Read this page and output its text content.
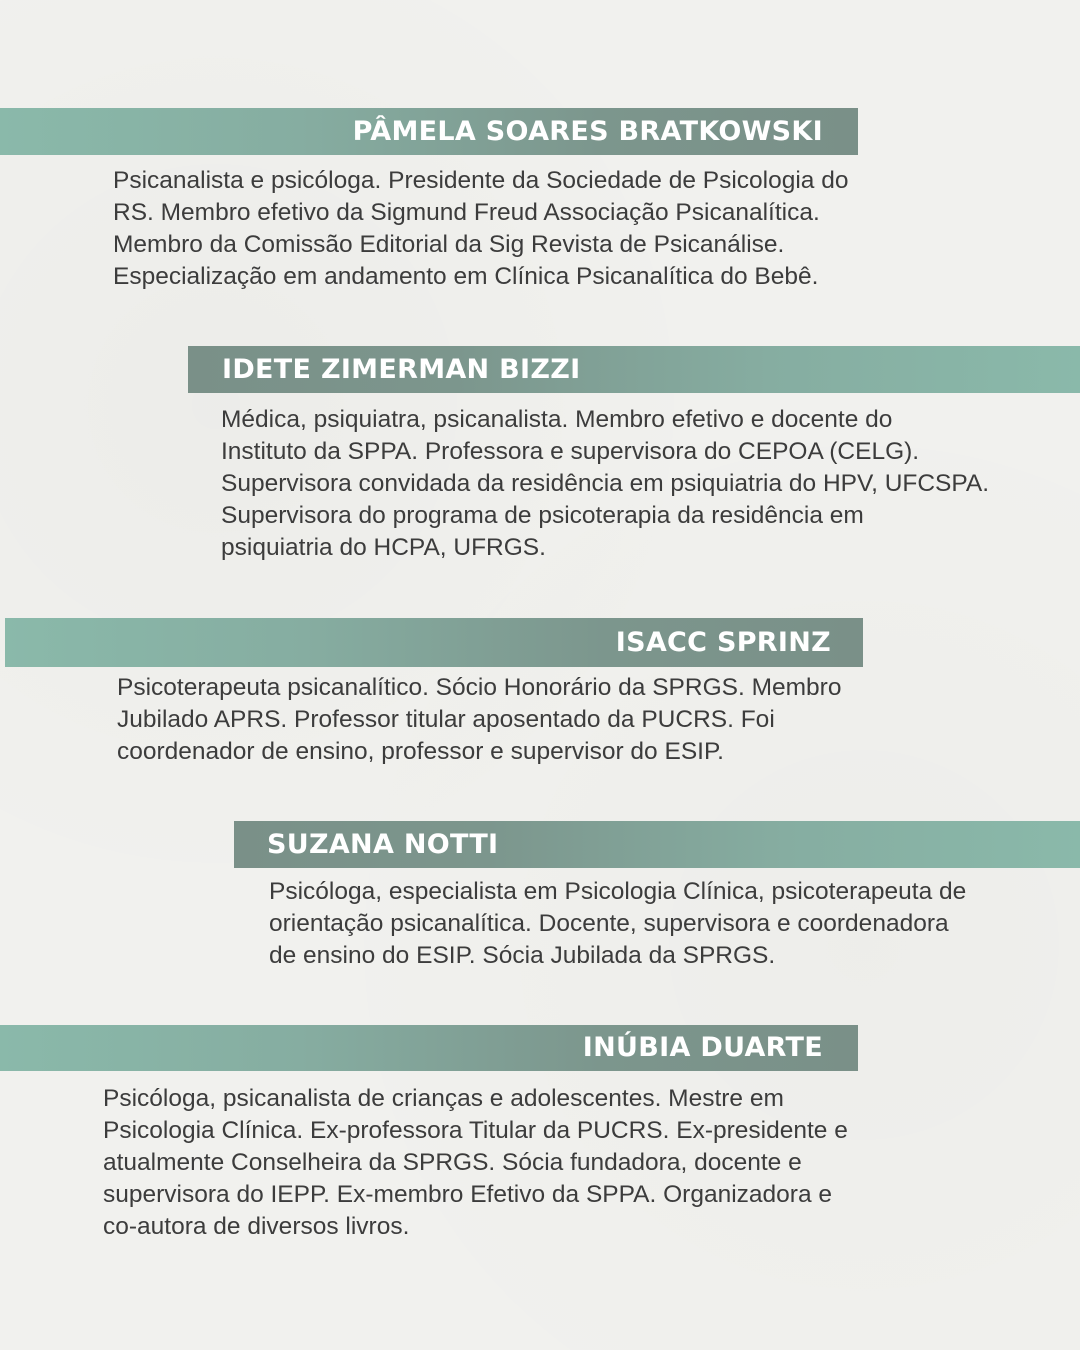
PÂMELA SOARES BRATKOWSKI
Psicanalista e psicóloga. Presidente da Sociedade de Psicologia do
RS. Membro efetivo da Sigmund Freud Associação Psicanalítica.
Membro da Comissão Editorial da Sig Revista de Psicanálise.
Especialização em andamento em Clínica Psicanalítica do Bebê.
IDETE ZIMERMAN BIZZI
Médica, psiquiatra, psicanalista. Membro efetivo e docente do
Instituto da SPPA. Professora e supervisora do CEPOA (CELG).
Supervisora convidada da residência em psiquiatria do HPV, UFCSPA.
Supervisora do programa de psicoterapia da residência em
psiquiatria do HCPA, UFRGS.
ISACC SPRINZ
Psicoterapeuta psicanalítico. Sócio Honorário da SPRGS. Membro
Jubilado APRS. Professor titular aposentado da PUCRS. Foi
coordenador de ensino, professor e supervisor do ESIP.
SUZANA NOTTI
Psicóloga, especialista em Psicologia Clínica, psicoterapeuta de
orientação psicanalítica. Docente, supervisora e coordenadora
de ensino do ESIP. Sócia Jubilada da SPRGS.
INÚBIA DUARTE
Psicóloga, psicanalista de crianças e adolescentes. Mestre em
Psicologia Clínica. Ex-professora Titular da PUCRS. Ex-presidente e
atualmente Conselheira da SPRGS. Sócia fundadora, docente e
supervisora do IEPP. Ex-membro Efetivo da SPPA. Organizadora e
co-autora de diversos livros.
